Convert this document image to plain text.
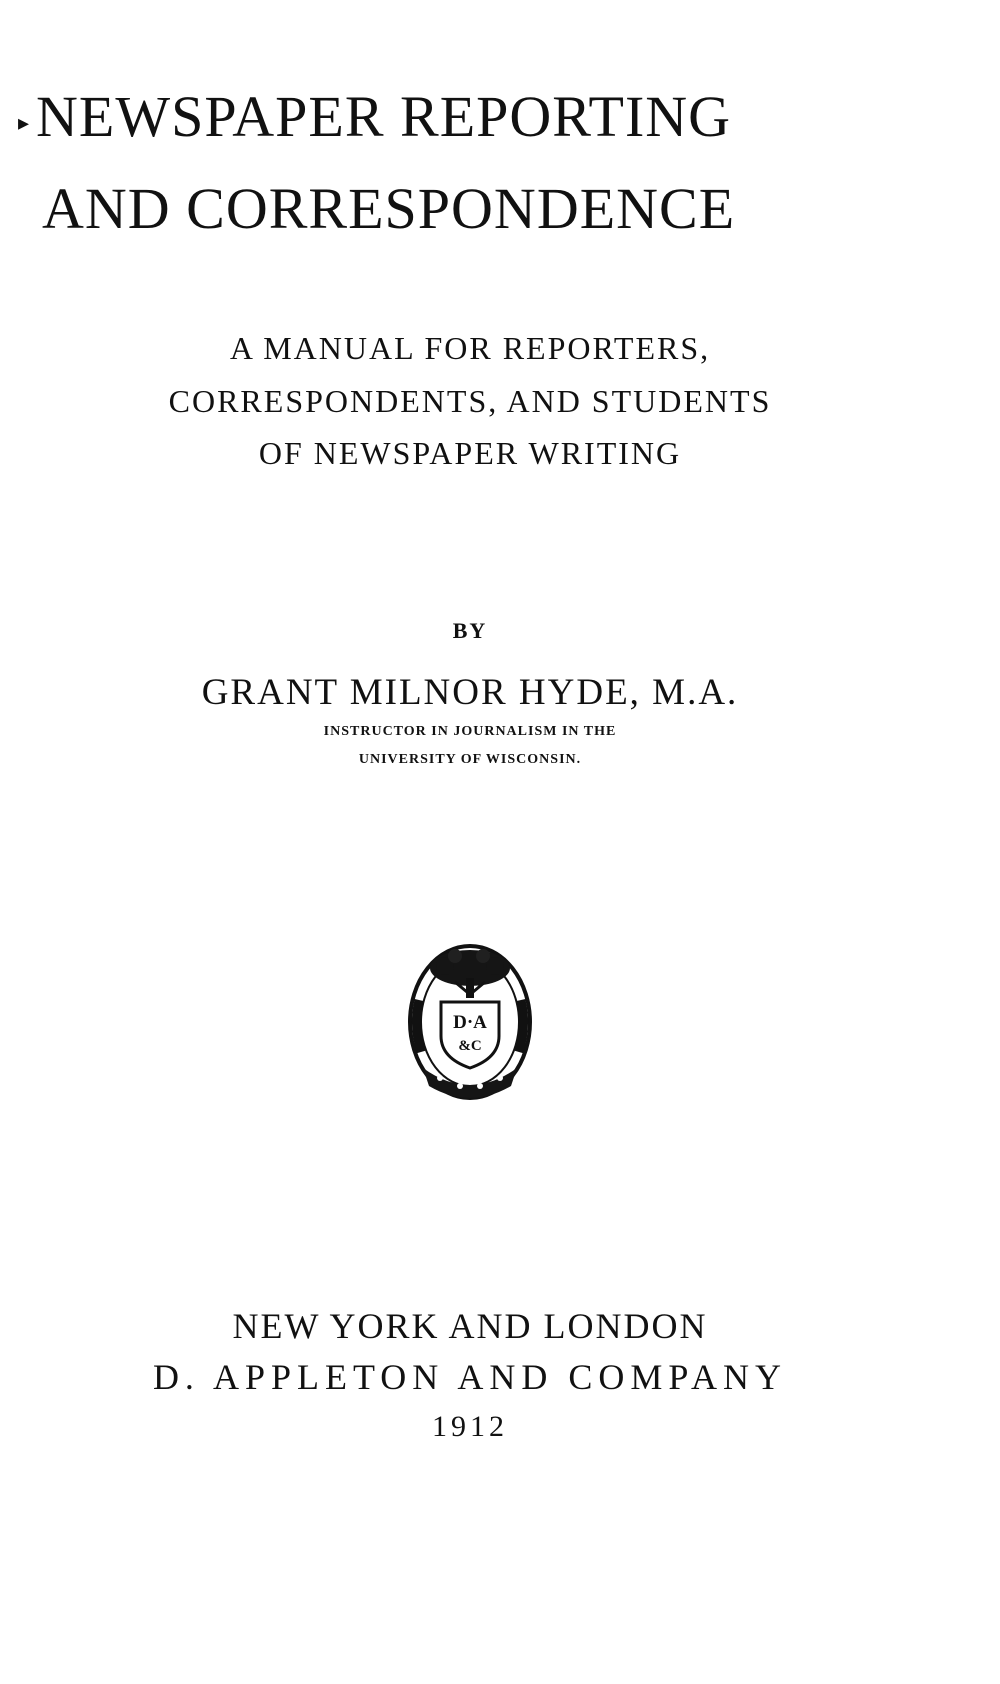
▸ NEWSPAPER REPORTING
AND CORRESPONDENCE
A MANUAL FOR REPORTERS,
CORRESPONDENTS, AND STUDENTS
OF NEWSPAPER WRITING
BY
GRANT MILNOR HYDE, M.A.
INSTRUCTOR IN JOURNALISM IN THE
UNIVERSITY OF WISCONSIN.
D·A
&C
NEW YORK AND LONDON
D. APPLETON AND COMPANY
1912
